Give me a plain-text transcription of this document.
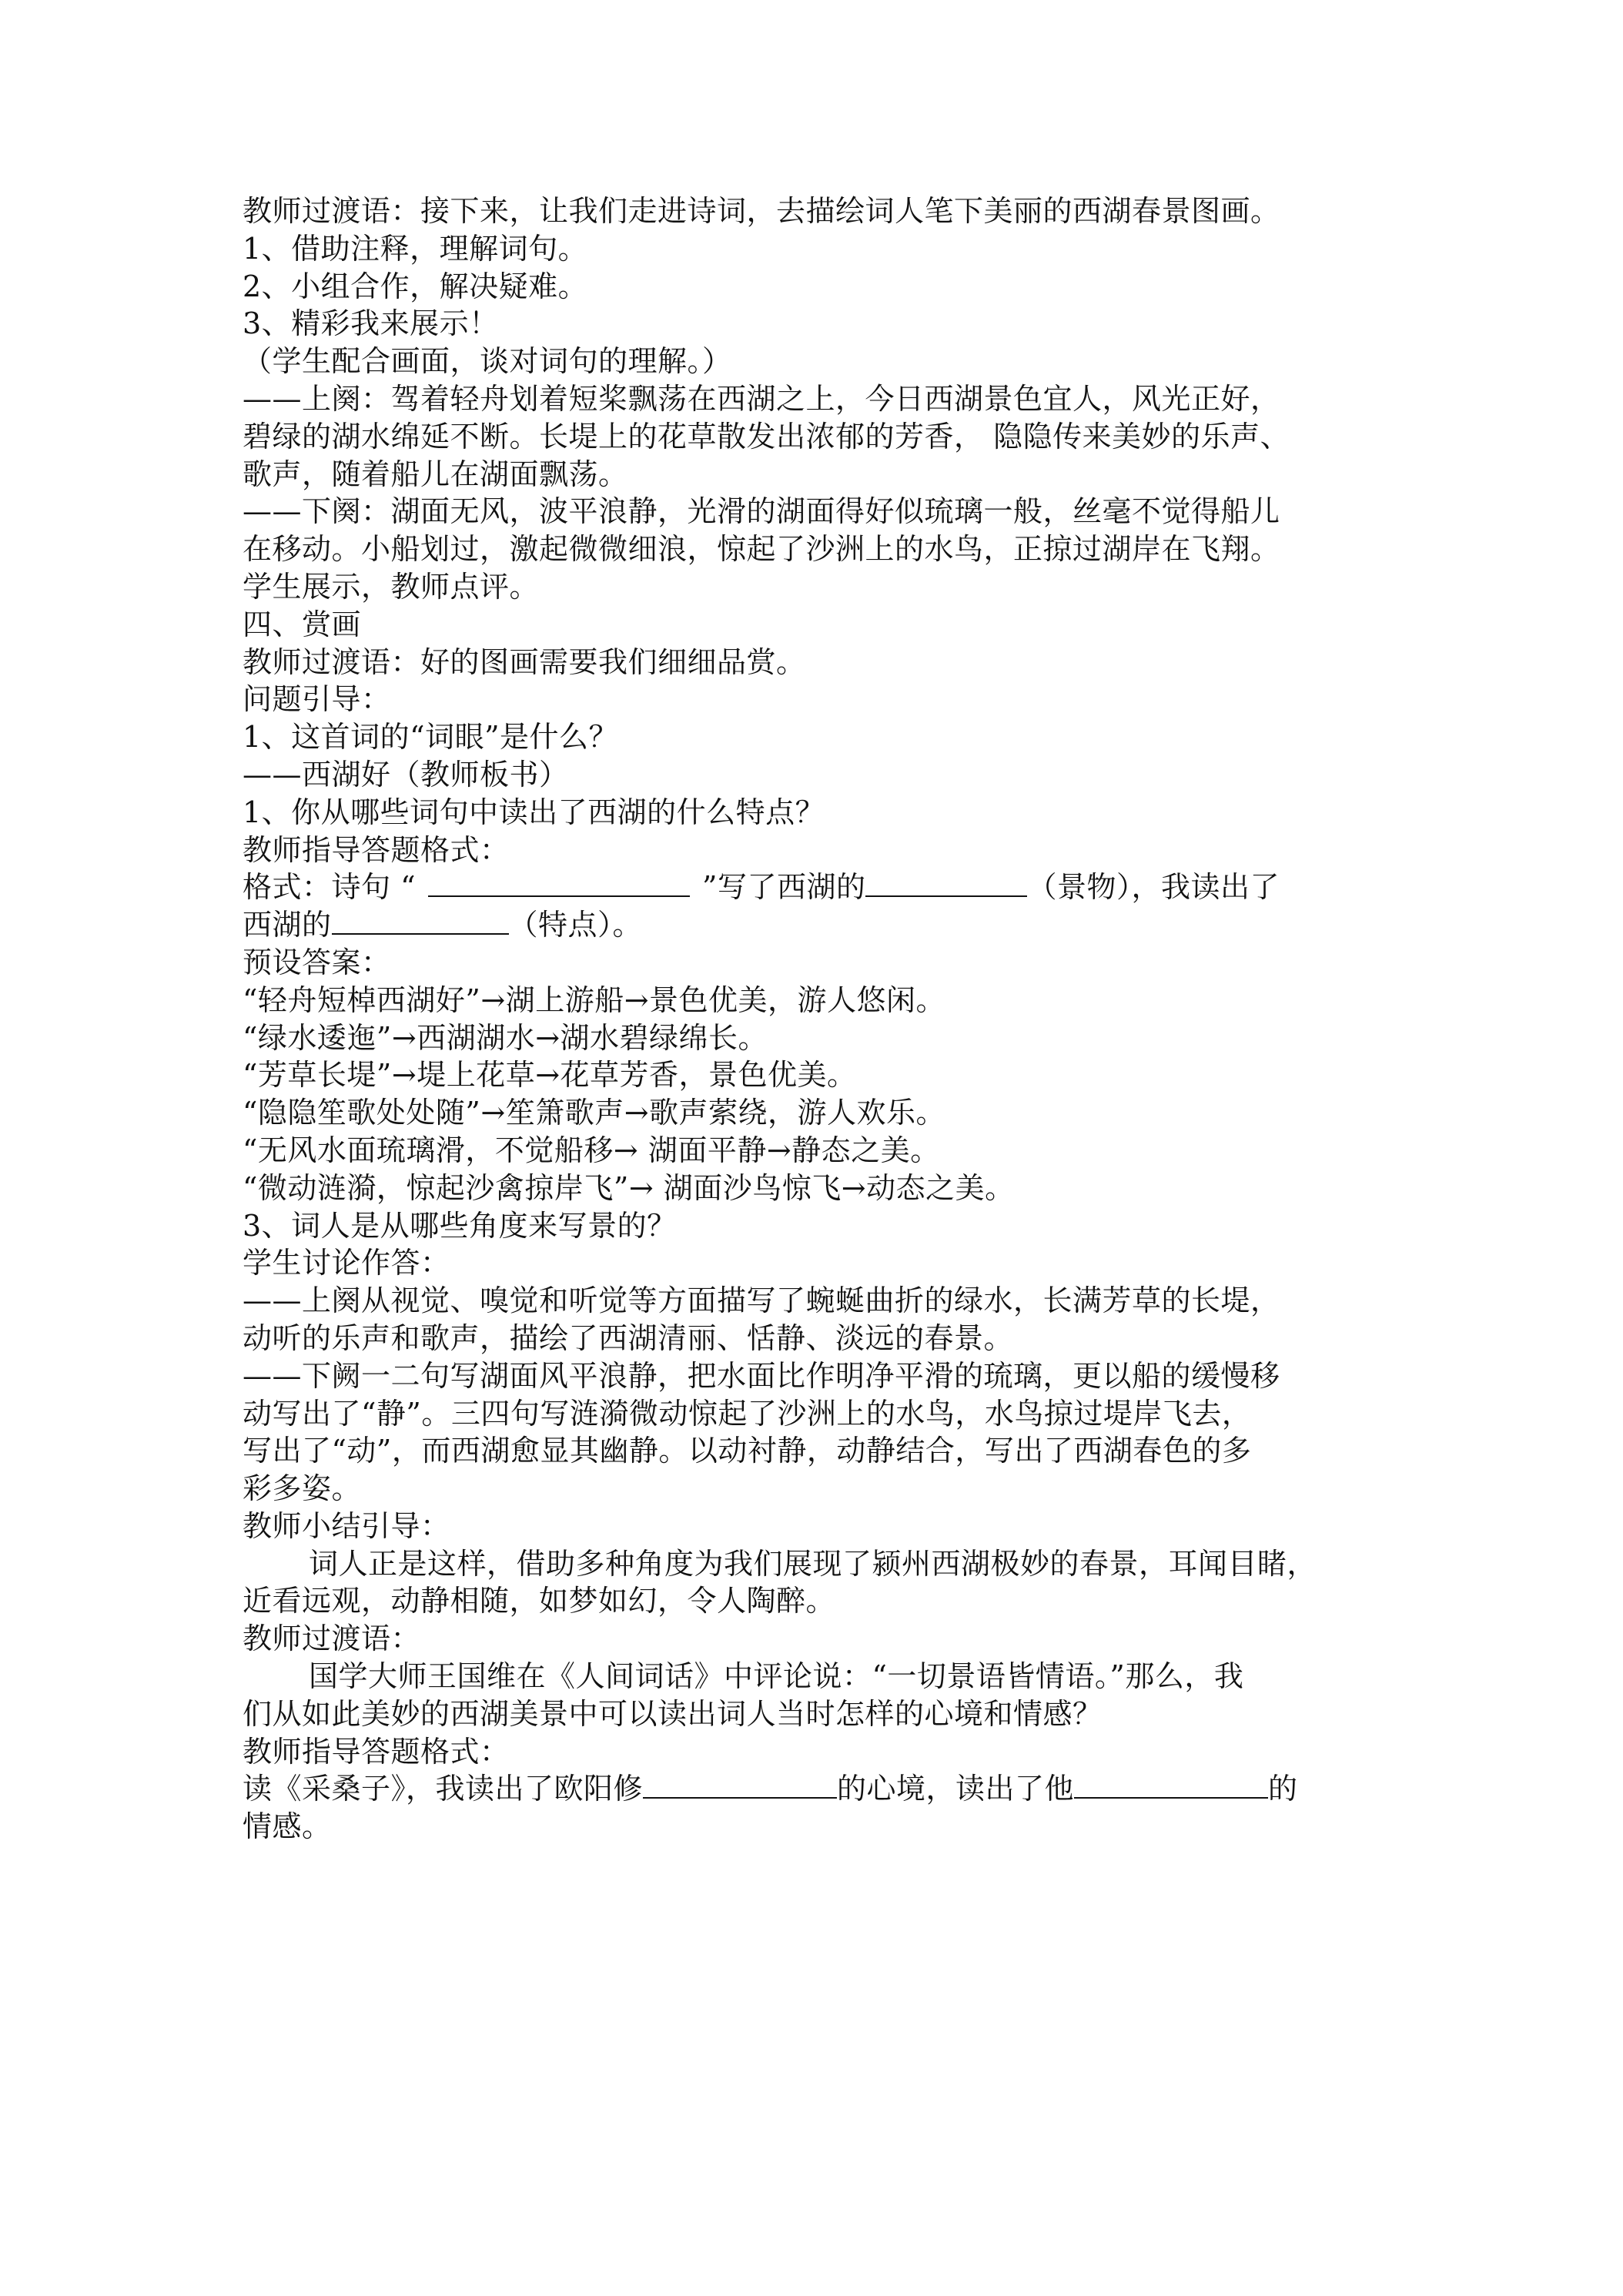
教师过渡语：接下来，让我们走进诗词，去描绘词人笔下美丽的西湖春景图画。
1、借助注释，理解词句。
2、小组合作，解决疑难。
3、精彩我来展示！
（学生配合画面，谈对词句的理解。）
——上阕：驾着轻舟划着短桨飘荡在西湖之上，今日西湖景色宜人，风光正好，
碧绿的湖水绵延不断。长堤上的花草散发出浓郁的芳香， 隐隐传来美妙的乐声、
歌声，随着船儿在湖面飘荡。
——下阕：湖面无风，波平浪静，光滑的湖面得好似琉璃一般，丝毫不觉得船儿
在移动。小船划过，激起微微细浪，惊起了沙洲上的水鸟，正掠过湖岸在飞翔。
学生展示，教师点评。
四、赏画
教师过渡语：好的图画需要我们细细品赏。
问题引导：
1、这首词的“词眼”是什么？
——西湖好（教师板书）
1、你从哪些词句中读出了西湖的什么特点？
教师指导答题格式：
格式：诗句 “	”写了西湖的	（景物），我读出了
西湖的	（特点）。
预设答案：
“轻舟短棹西湖好”→湖上游船→景色优美，游人悠闲。
“绿水逶迤”→西湖湖水→湖水碧绿绵长。
“芳草长堤”→堤上花草→花草芳香，景色优美。
“隐隐笙歌处处随”→笙箫歌声→歌声萦绕，游人欢乐。
“无风水面琉璃滑，不觉船移→ 湖面平静→静态之美。
“微动涟漪，惊起沙禽掠岸飞”→ 湖面沙鸟惊飞→动态之美。
3、词人是从哪些角度来写景的？
学生讨论作答：
——上阕从视觉、嗅觉和听觉等方面描写了蜿蜒曲折的绿水，长满芳草的长堤，
动听的乐声和歌声，描绘了西湖清丽、恬静、淡远的春景。
——下阙一二句写湖面风平浪静，把水面比作明净平滑的琉璃，更以船的缓慢移
动写出了“静”。三四句写涟漪微动惊起了沙洲上的水鸟，水鸟掠过堤岸飞去，
写出了“动”，而西湖愈显其幽静。以动衬静，动静结合，写出了西湖春色的多
彩多姿。
教师小结引导：
词人正是这样，借助多种角度为我们展现了颍州西湖极妙的春景，耳闻目睹，
近看远观，动静相随，如梦如幻，令人陶醉。
教师过渡语：
国学大师王国维在《人间词话》中评论说：“一切景语皆情语。”那么，我
们从如此美妙的西湖美景中可以读出词人当时怎样的心境和情感？
教师指导答题格式：
读《采桑子》，我读出了欧阳修	的心境，读出了他	的
情感。
